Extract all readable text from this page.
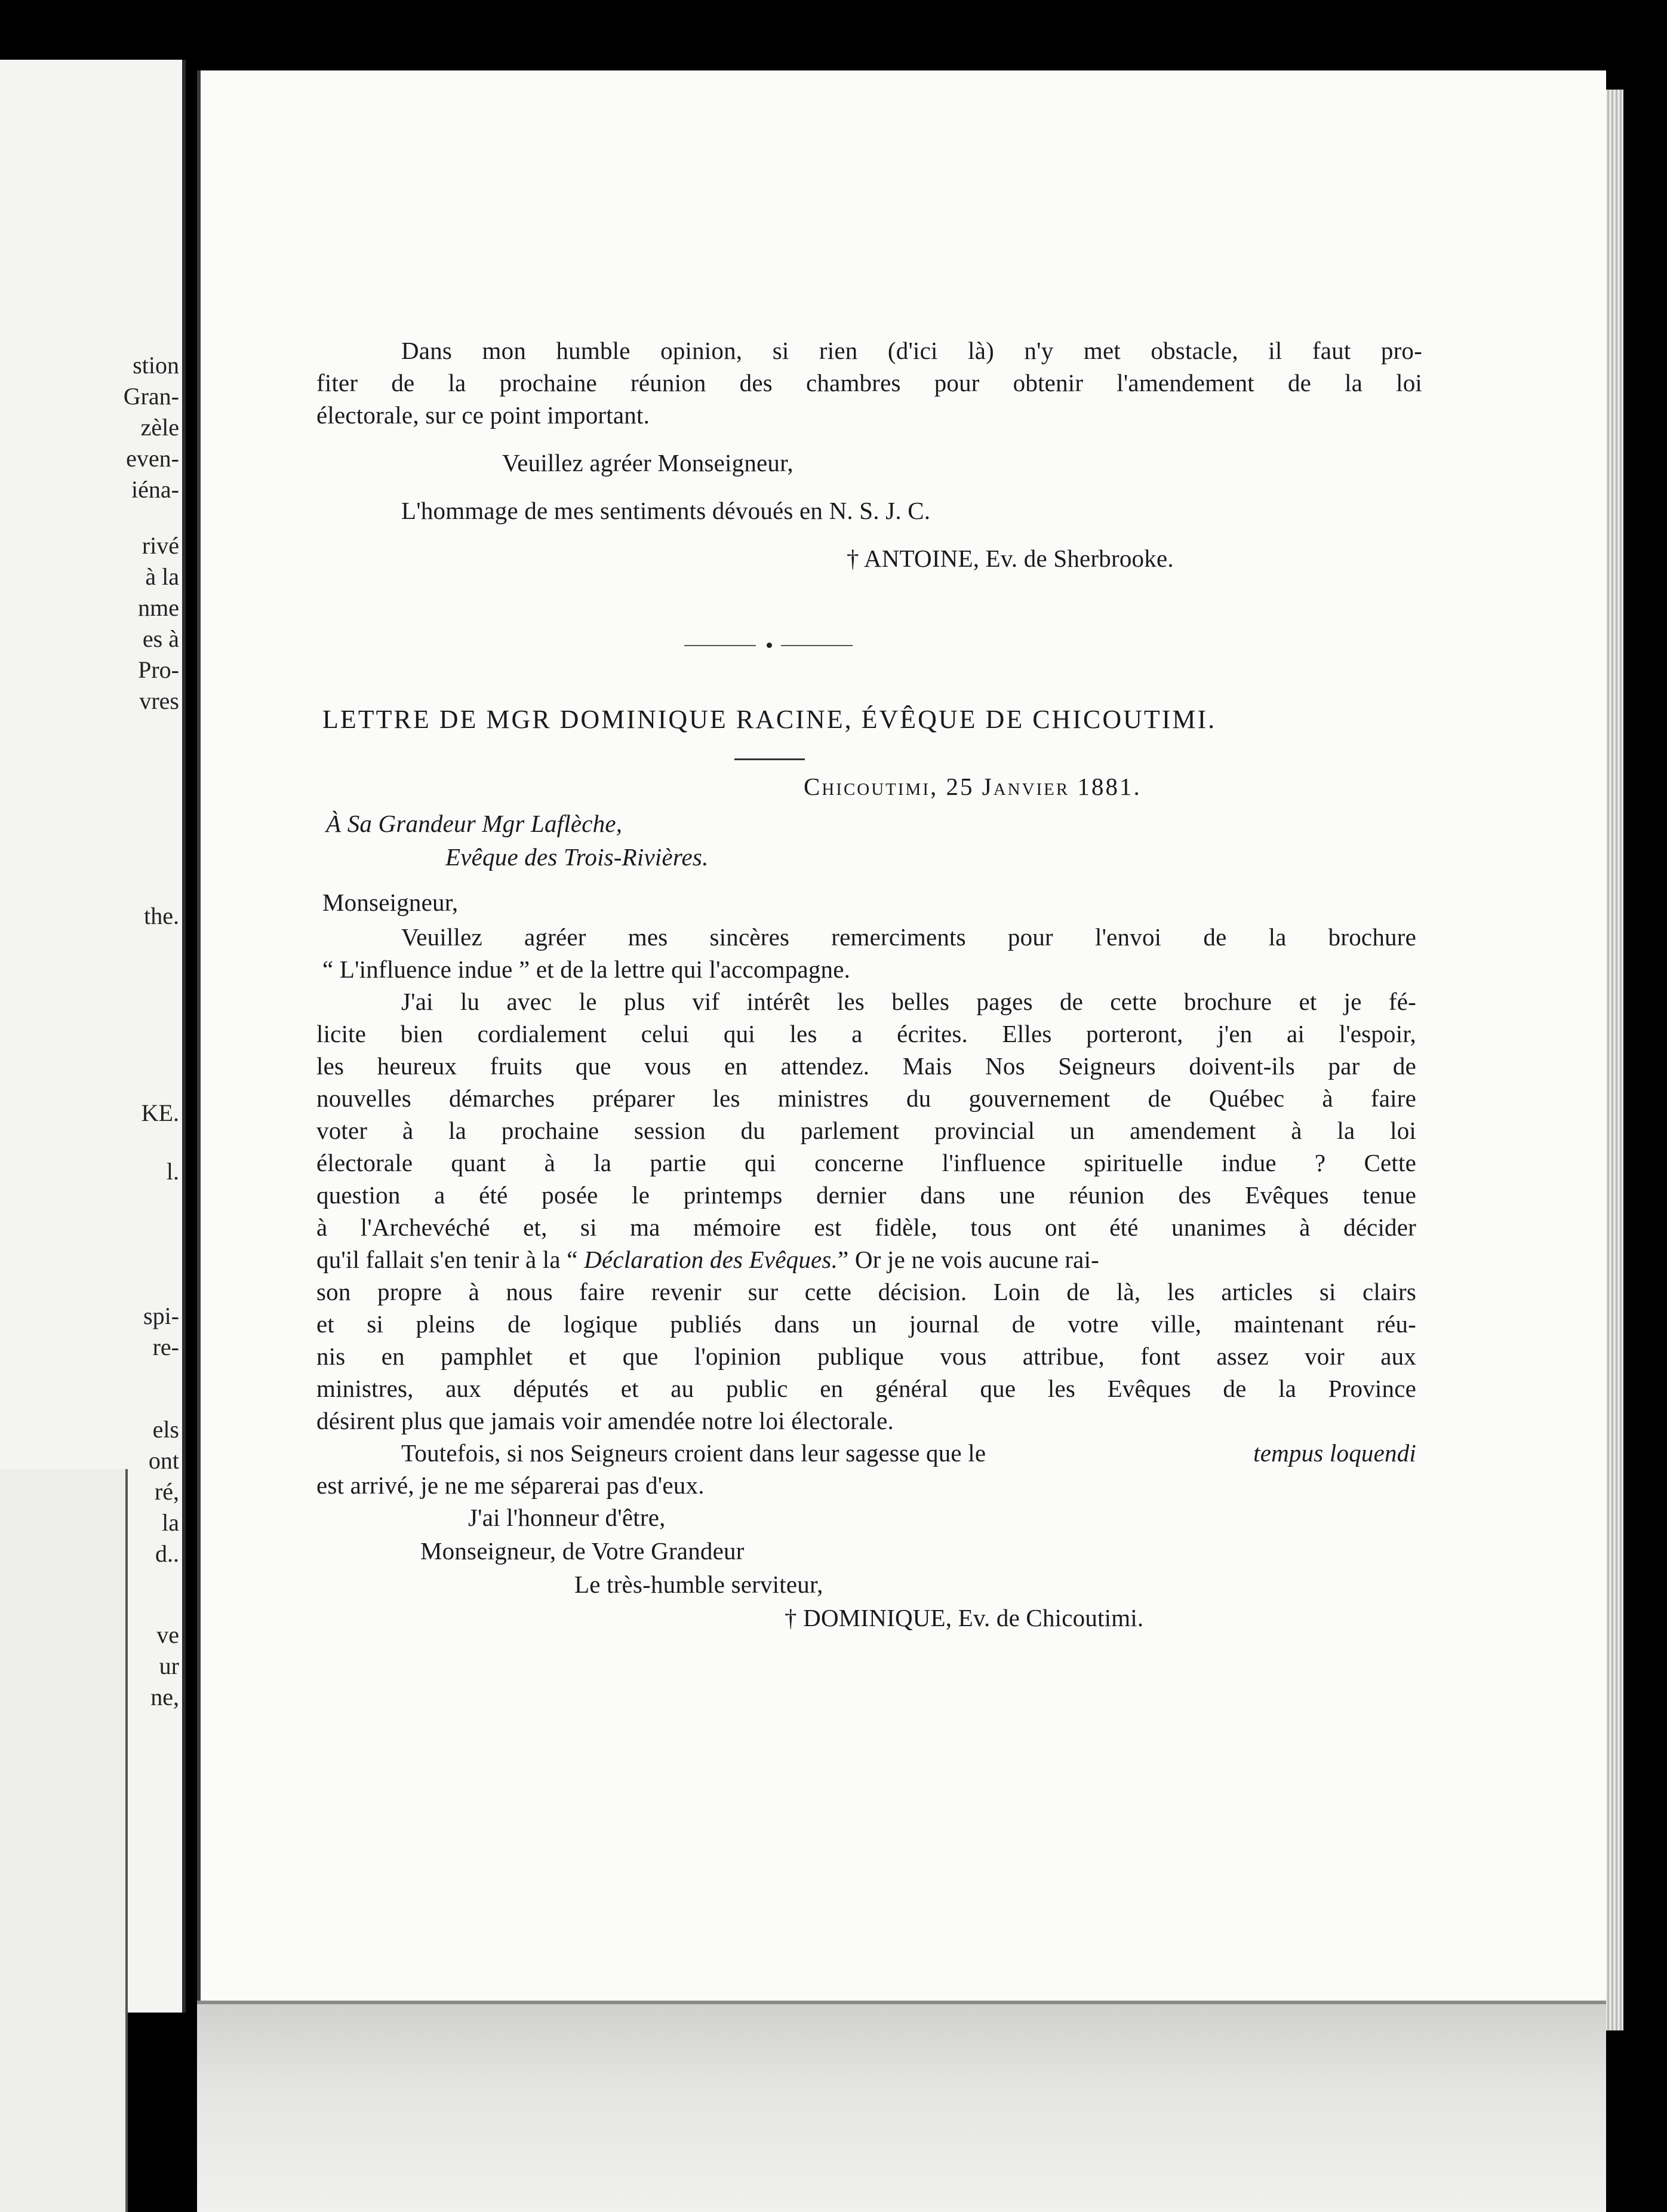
stion
Gran-
zèle
even-
iéna-
rivé
à la
nme
es à
Pro-
vres
the.
KE.
l.
spi-
re-
els
ont
ré,
la
d..
ve
ur
ne,
Dans mon humble opinion, si rien (d'ici là) n'y met obstacle, il faut pro-
fiter de la prochaine réunion des chambres pour obtenir l'amendement de la loi
électorale, sur ce point important.
Veuillez agréer Monseigneur,
L'hommage de mes sentiments dévoués en N. S. J. C.
† ANTOINE, Ev. de Sherbrooke.
LETTRE DE MGR DOMINIQUE RACINE, ÉVÊQUE DE CHICOUTIMI.
Chicoutimi, 25 Janvier 1881.
À Sa Grandeur Mgr Laflèche,
Evêque des Trois-Rivières.
Monseigneur,
Veuillez agréer mes sincères remerciments pour l'envoi de la brochure
“ L'influence indue ” et de la lettre qui l'accompagne.
J'ai lu avec le plus vif intérêt les belles pages de cette brochure et je fé-
licite bien cordialement celui qui les a écrites. Elles porteront, j'en ai l'espoir,
les heureux fruits que vous en attendez. Mais Nos Seigneurs doivent-ils par de
nouvelles démarches préparer les ministres du gouvernement de Québec à faire
voter à la prochaine session du parlement provincial un amendement à la loi
électorale quant à la partie qui concerne l'influence spirituelle indue ? Cette
question a été posée le printemps dernier dans une réunion des Evêques tenue
à l'Archevéché et, si ma mémoire est fidèle, tous ont été unanimes à décider
qu'il fallait s'en tenir à la “ Déclaration des Evêques.” Or je ne vois aucune rai-
son propre à nous faire revenir sur cette décision. Loin de là, les articles si clairs
et si pleins de logique publiés dans un journal de votre ville, maintenant réu-
nis en pamphlet et que l'opinion publique vous attribue, font assez voir aux
ministres, aux députés et au public en général que les Evêques de la Province
désirent plus que jamais voir amendée notre loi électorale.
Toutefois, si nos Seigneurs croient dans leur sagesse que le	tempus loquendi
est arrivé, je ne me séparerai pas d'eux.
J'ai l'honneur d'être,
Monseigneur, de Votre Grandeur
Le très-humble serviteur,
† DOMINIQUE, Ev. de Chicoutimi.
